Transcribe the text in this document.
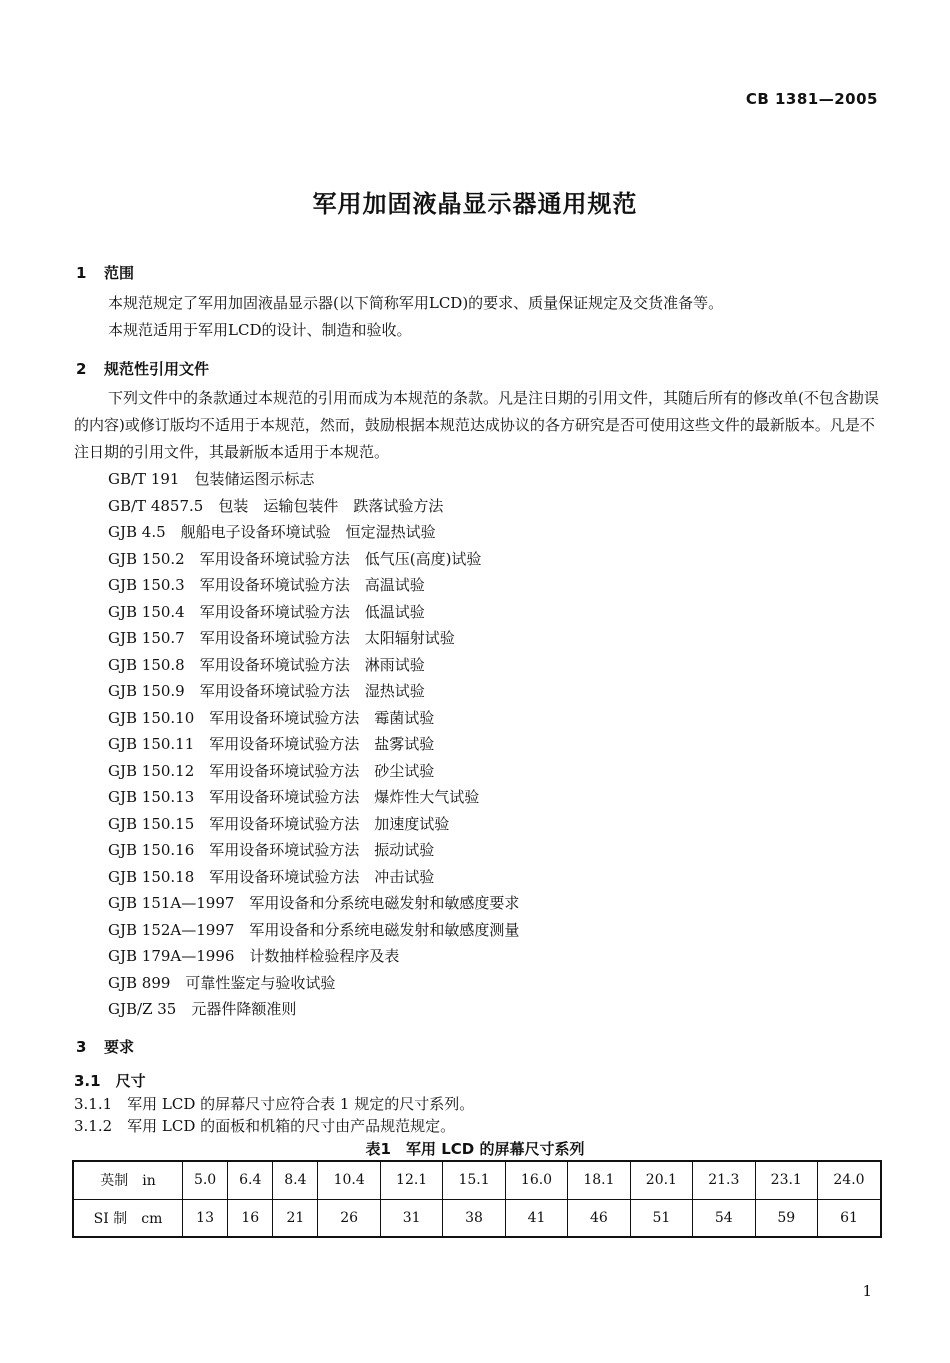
CB 1381—2005
军用加固液晶显示器通用规范
1 范围
本规范规定了军用加固液晶显示器(以下简称军用LCD)的要求、质量保证规定及交货准备等。
本规范适用于军用LCD的设计、制造和验收。
2 规范性引用文件
下列文件中的条款通过本规范的引用而成为本规范的条款。凡是注日期的引用文件，其随后所有的修改单(不包含勘误的内容)或修订版均不适用于本规范，然而，鼓励根据本规范达成协议的各方研究是否可使用这些文件的最新版本。凡是不注日期的引用文件，其最新版本适用于本规范。
GB/T 191　包装储运图示标志
GB/T 4857.5　包装　运输包装件　跌落试验方法
GJB 4.5　舰船电子设备环境试验　恒定湿热试验
GJB 150.2　军用设备环境试验方法　低气压(高度)试验
GJB 150.3　军用设备环境试验方法　高温试验
GJB 150.4　军用设备环境试验方法　低温试验
GJB 150.7　军用设备环境试验方法　太阳辐射试验
GJB 150.8　军用设备环境试验方法　淋雨试验
GJB 150.9　军用设备环境试验方法　湿热试验
GJB 150.10　军用设备环境试验方法　霉菌试验
GJB 150.11　军用设备环境试验方法　盐雾试验
GJB 150.12　军用设备环境试验方法　砂尘试验
GJB 150.13　军用设备环境试验方法　爆炸性大气试验
GJB 150.15　军用设备环境试验方法　加速度试验
GJB 150.16　军用设备环境试验方法　振动试验
GJB 150.18　军用设备环境试验方法　冲击试验
GJB 151A—1997　军用设备和分系统电磁发射和敏感度要求
GJB 152A—1997　军用设备和分系统电磁发射和敏感度测量
GJB 179A—1996　计数抽样检验程序及表
GJB 899　可靠性鉴定与验收试验
GJB/Z 35　元器件降额准则
3 要求
3.1　尺寸
3.1.1　军用 LCD 的屏幕尺寸应符合表 1 规定的尺寸系列。
3.1.2　军用 LCD 的面板和机箱的尺寸由产品规范规定。
表1　军用 LCD 的屏幕尺寸系列
英制　in	5.0	6.4	8.4	10.4	12.1	15.1	16.0	18.1	20.1	21.3	23.1	24.0
SI 制　cm	13	16	21	26	31	38	41	46	51	54	59	61
1
